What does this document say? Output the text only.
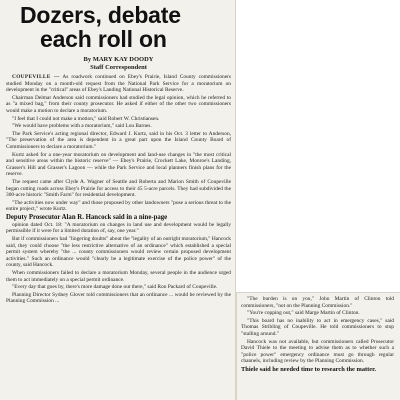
Dozers, debate
each roll on
By MARY KAY DOODY
Staff Correspondent

COUPEVILLE — As roadwork continued on Ebey's Prairie, Island County commissioners studied Monday on a month-old request from the National Park Service for a moratorium on development in the "critical" areas of Ebey's Landing National Historical Reserve.

Chairman Delmar Anderson said commissioners had studied the legal opinion, which he referred to as "a mixed bag," from their county prosecutor. He asked if either of the other two commissioners would make a motion to declare a moratorium.

"I feel that I could not make a motion," said Robert W. Christiansen.

"We would have problems with a moratorium," said Lou Barnes.

The Park Service's acting regional director, Edward J. Kurtz, said in his Oct. 3 letter to Anderson, "The preservation of the area is dependent in a great part upon the Island County Board of Commissioners to declare a moratorium."

Kurtz asked for a one-year moratorium on development and land-use changes in "the most critical and sensitive areas within the historic reserve" — Ebey's Prairie, Crockett Lake, Monroe's Landing, Grasser's Hill and Grasser's Lagoon — while the Park Service and local planners finish plans for the reserve.

The request came after Clyde A. Wagner of Seattle and Roberta and Marion Smith of Coupeville began cutting roads across Ebey's Prairie for access to their 45 5-acre parcels. They had subdivided the 300-acre historic "Smith Farm" for residential development.

"The activities now under way" and those proposed by other landowners "pose a serious threat to the entire project," wrote Kurtz.

Deputy Prosecutor Alan R. Hancock said in a nine-page

opinion dated Oct. 18: "A moratorium on changes in land use and development would be legally permissible if it were for a limited duration of, say, one year."

But if commissioners had "lingering doubts" about the "legality of an outright moratorium," Hancock said, they could choose "the less restrictive alternative of an ordinance" which established a special permit system whereby "the ... county commissioners would review certain proposed development activities." Such an ordinance would "clearly be a legitimate exercise of the police power" of the county, said Hancock.

When commissioners failed to declare a moratorium Monday, several people in the audience urged them to act immediately on a special permit ordinance.

"Every day that goes by, there's more damage done out there," said Ron Packard of Coupeville.

Planning Director Sydney Glover told commissioners that an ordinance ... would be reviewed by the Planning Commission ...	"The burden is on you," John Martin of Clinton told commissioners, "not on the Planning Commission."

"You're copping out," said Marge Martin of Clinton.

"This board has no inability to act in emergency cases," said Thomas Stribling of Coupeville. He told commissioners to stop "stalling around."

Hancock was not available, but commissioners called Prosecutor David Thiele to the meeting to advise them as to whether such a "police power" emergency ordinance must go through regular channels, including review by the Planning Commission.

Thiele said he needed time to research the matter.
